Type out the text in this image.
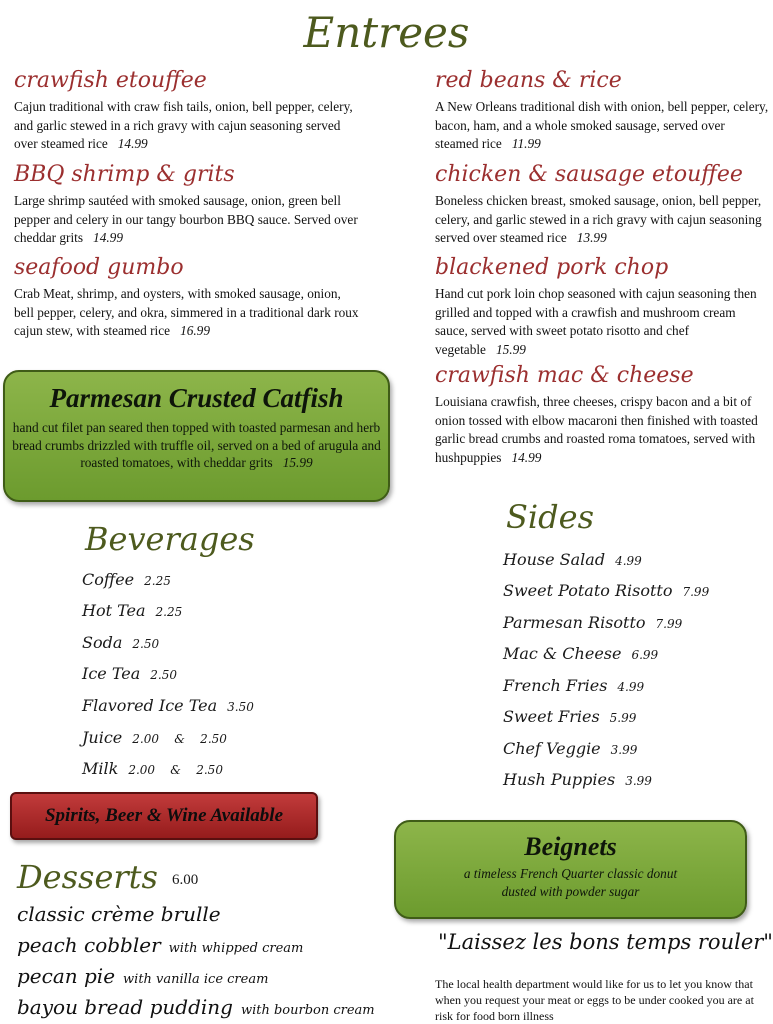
Entrees
crawfish etouffee
Cajun traditional with craw fish tails, onion, bell pepper, celery, and garlic stewed in a rich gravy with cajun seasoning served over steamed rice 14.99
BBQ shrimp & grits
Large shrimp sautéed with smoked sausage, onion, green bell pepper and celery in our tangy bourbon BBQ sauce. Served over cheddar grits 14.99
seafood gumbo
Crab Meat, shrimp, and oysters, with smoked sausage, onion, bell pepper, celery, and okra, simmered in a traditional dark roux cajun stew, with steamed rice 16.99
red beans & rice
A New Orleans traditional dish with onion, bell pepper, celery, bacon, ham, and a whole smoked sausage, served over steamed rice 11.99
chicken & sausage etouffee
Boneless chicken breast, smoked sausage, onion, bell pepper, celery, and garlic stewed in a rich gravy with cajun seasoning served over steamed rice 13.99
blackened pork chop
Hand cut pork loin chop seasoned with cajun seasoning then grilled and topped with a crawfish and mushroom cream sauce, served with sweet potato risotto and chef vegetable 15.99
crawfish mac & cheese
Louisiana crawfish, three cheeses, crispy bacon and a bit of onion tossed with elbow macaroni then finished with toasted garlic bread crumbs and roasted roma tomatoes, served with hushpuppies 14.99
Parmesan Crusted Catfish
hand cut filet pan seared then topped with toasted parmesan and herb bread crumbs drizzled with truffle oil, served on a bed of arugula and roasted tomatoes, with cheddar grits 15.99
Beverages
Coffee 2.25
Hot Tea 2.25
Soda 2.50
Ice Tea 2.50
Flavored Ice Tea 3.50
Juice 2.00    &    2.50
Milk 2.00    &    2.50
Sides
House Salad 4.99
Sweet Potato Risotto 7.99
Parmesan Risotto 7.99
Mac & Cheese 6.99
French Fries 4.99
Sweet Fries 5.99
Chef Veggie 3.99
Hush Puppies 3.99
Spirits, Beer & Wine Available
Beignets
a timeless French Quarter classic donut
dusted with powder sugar
Desserts 6.00
classic crème brulle
peach cobbler with whipped cream
pecan pie with vanilla ice cream
bayou bread pudding with bourbon cream
"Laissez les bons temps rouler"
The local health department would like for us to let you know that when you request your meat or eggs to be under cooked you are at risk for food born illness
